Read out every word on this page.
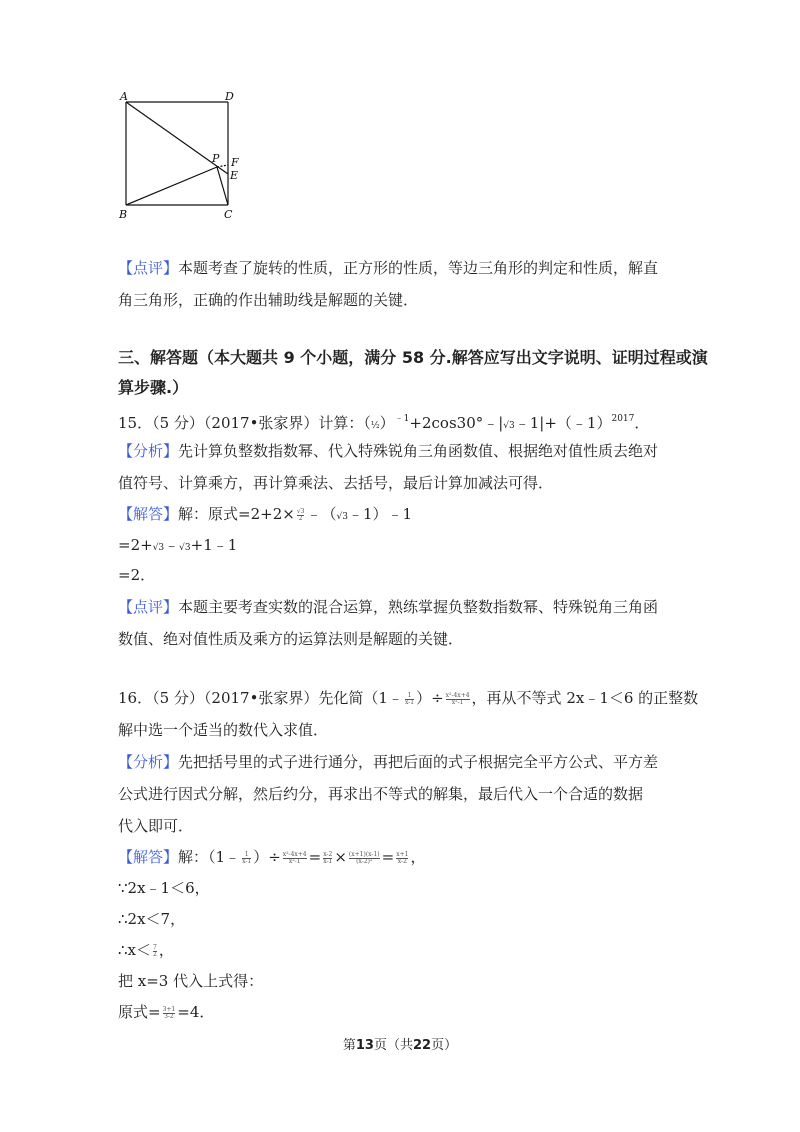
A	D
P F
E
B	C
【点评】本题考查了旋转的性质，正方形的性质，等边三角形的判定和性质，解直
角三角形，正确的作出辅助线是解题的关键．
三、解答题（本大题共 9 个小题，满分 58 分.解答应写出文字说明、证明过程或演
算步骤.）
15．（5 分）（2017•张家界）计算：（½）$^{﹣1}$+2cos30°﹣|√3﹣1|+（﹣1）$^{2017}$．
【分析】先计算负整数指数幂、代入特殊锐角三角函数值、根据绝对值性质去绝对
值符号、计算乘方，再计算乘法、去括号，最后计算加减法可得．
【解答】解：原式$=2+2\times \frac{√3}{2}$ ﹣（√3﹣1）﹣1
=2+√3﹣√3+1﹣1
=2．
【点评】本题主要考查实数的混合运算，熟练掌握负整数指数幂、特殊锐角三角函
数值、绝对值性质及乘方的运算法则是解题的关键．
16．（5 分）（2017•张家界）先化简（1﹣ $\frac{1}{x-1}$ ）÷ $\frac{\text{x²-4x+4}}{\text{x²-1}}$ ，再从不等式 2x﹣1＜6 的正整数
解中选一个适当的数代入求值．
【分析】先把括号里的式子进行通分，再把后面的式子根据完全平方公式、平方差
公式进行因式分解，然后约分，再求出不等式的解集，最后代入一个合适的数据
代入即可．
【解答】解：（1﹣ $\frac{1}{x-1}$ ）÷ $\frac{\text{x²-4x+4}}{\text{x²-1}} = \frac{x-2}{x-1} \times \frac{(x+1)(x-1)}{\text{(x-2)²}} = \frac{x+1}{x-2}$ ，
∵2x﹣1＜6，
∴2x＜7，
∴x＜ $\frac{7}{2}$ ，
把 x=3 代入上式得：
原式= $\frac{3+1}{3-2} =4$．
第13页（共22页）
